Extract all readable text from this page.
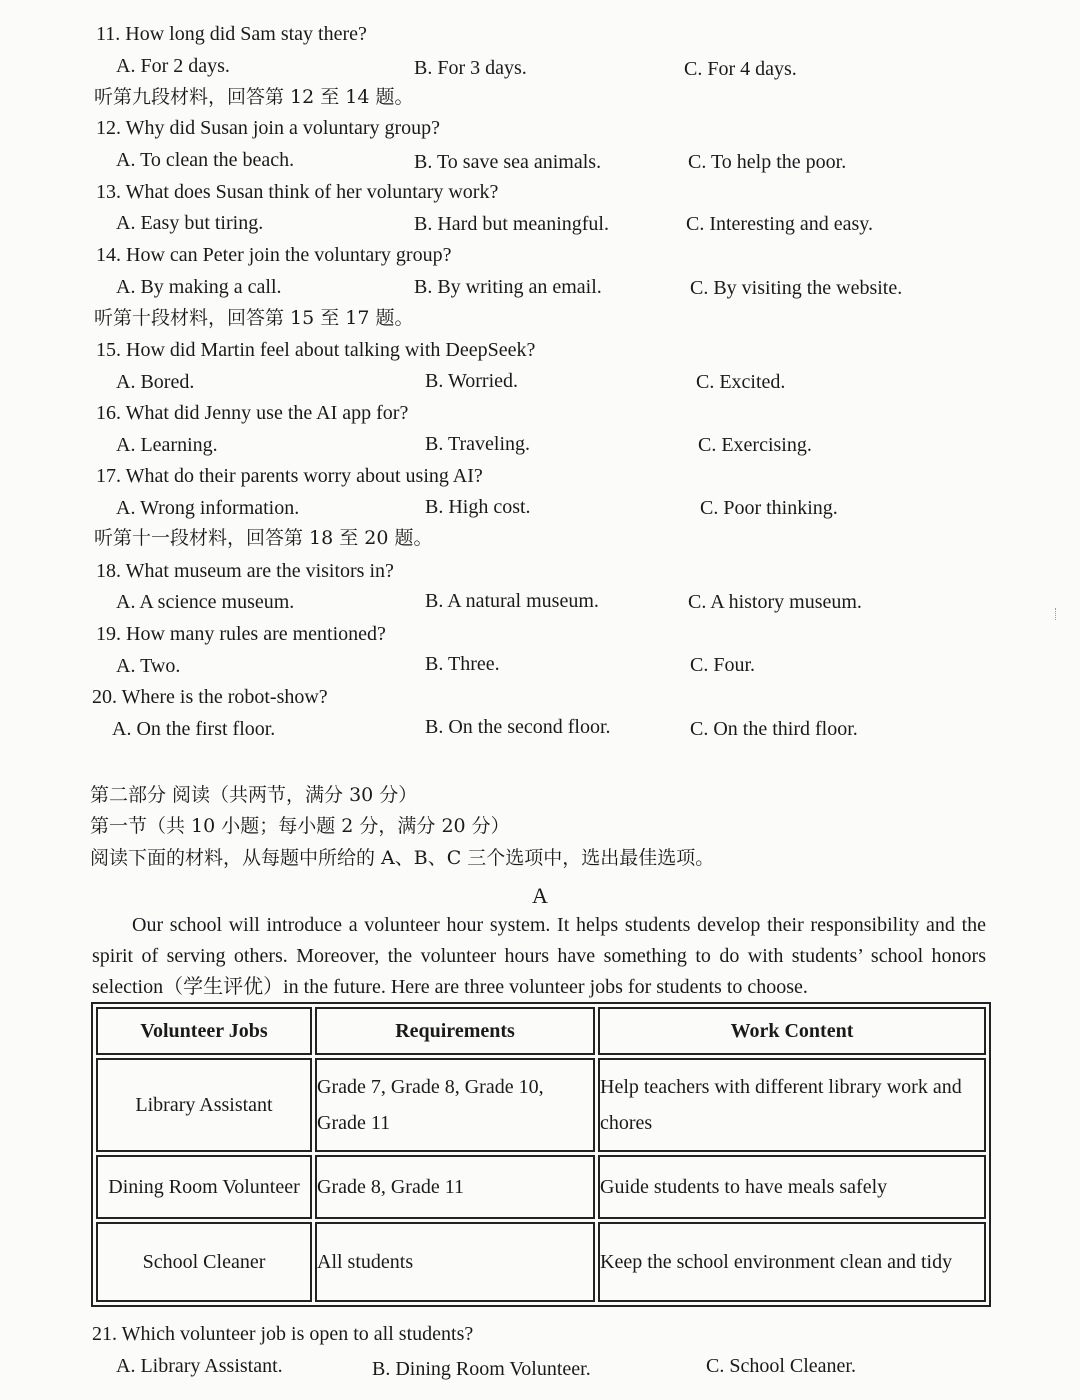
11. How long did Sam stay there?
A. For 2 days.	B. For 3 days.	C. For 4 days.
听第九段材料，回答第 12 至 14 题。
12. Why did Susan join a voluntary group?
A. To clean the beach.	B. To save sea animals.	C. To help the poor.
13. What does Susan think of her voluntary work?
A. Easy but tiring.	B. Hard but meaningful.	C. Interesting and easy.
14. How can Peter join the voluntary group?
A. By making a call.	B. By writing an email.	C. By visiting the website.
听第十段材料，回答第 15 至 17 题。
15. How did Martin feel about talking with DeepSeek?
A. Bored.	B. Worried.	C. Excited.
16. What did Jenny use the AI app for?
A. Learning.	B. Traveling.	C. Exercising.
17. What do their parents worry about using AI?
A. Wrong information.	B. High cost.	C. Poor thinking.
听第十一段材料，回答第 18 至 20 题。
18. What museum are the visitors in?
A. A science museum.	B. A natural museum.	C. A history museum.
19. How many rules are mentioned?
A. Two.	B. Three.	C. Four.
20. Where is the robot-show?
A. On the first floor.	B. On the second floor.	C. On the third floor.
第二部分 阅读（共两节，满分 30 分）
第一节（共 10 小题；每小题 2 分，满分 20 分）
阅读下面的材料，从每题中所给的 A、B、C 三个选项中，选出最佳选项。
A
Our school will introduce a volunteer hour system. It helps students develop their responsibility and the spirit of serving others. Moreover, the volunteer hours have something to do with students’ school honors selection（学生评优）in the future. Here are three volunteer jobs for students to choose.
Volunteer Jobs	Requirements	Work Content
Library Assistant	Grade 7, Grade 8, Grade 10, Grade 11	Help teachers with different library work and chores
Dining Room Volunteer	Grade 8, Grade 11	Guide students to have meals safely
School Cleaner	All students	Keep the school environment clean and tidy
21. Which volunteer job is open to all students?
A. Library Assistant.	B. Dining Room Volunteer.	C. School Cleaner.
